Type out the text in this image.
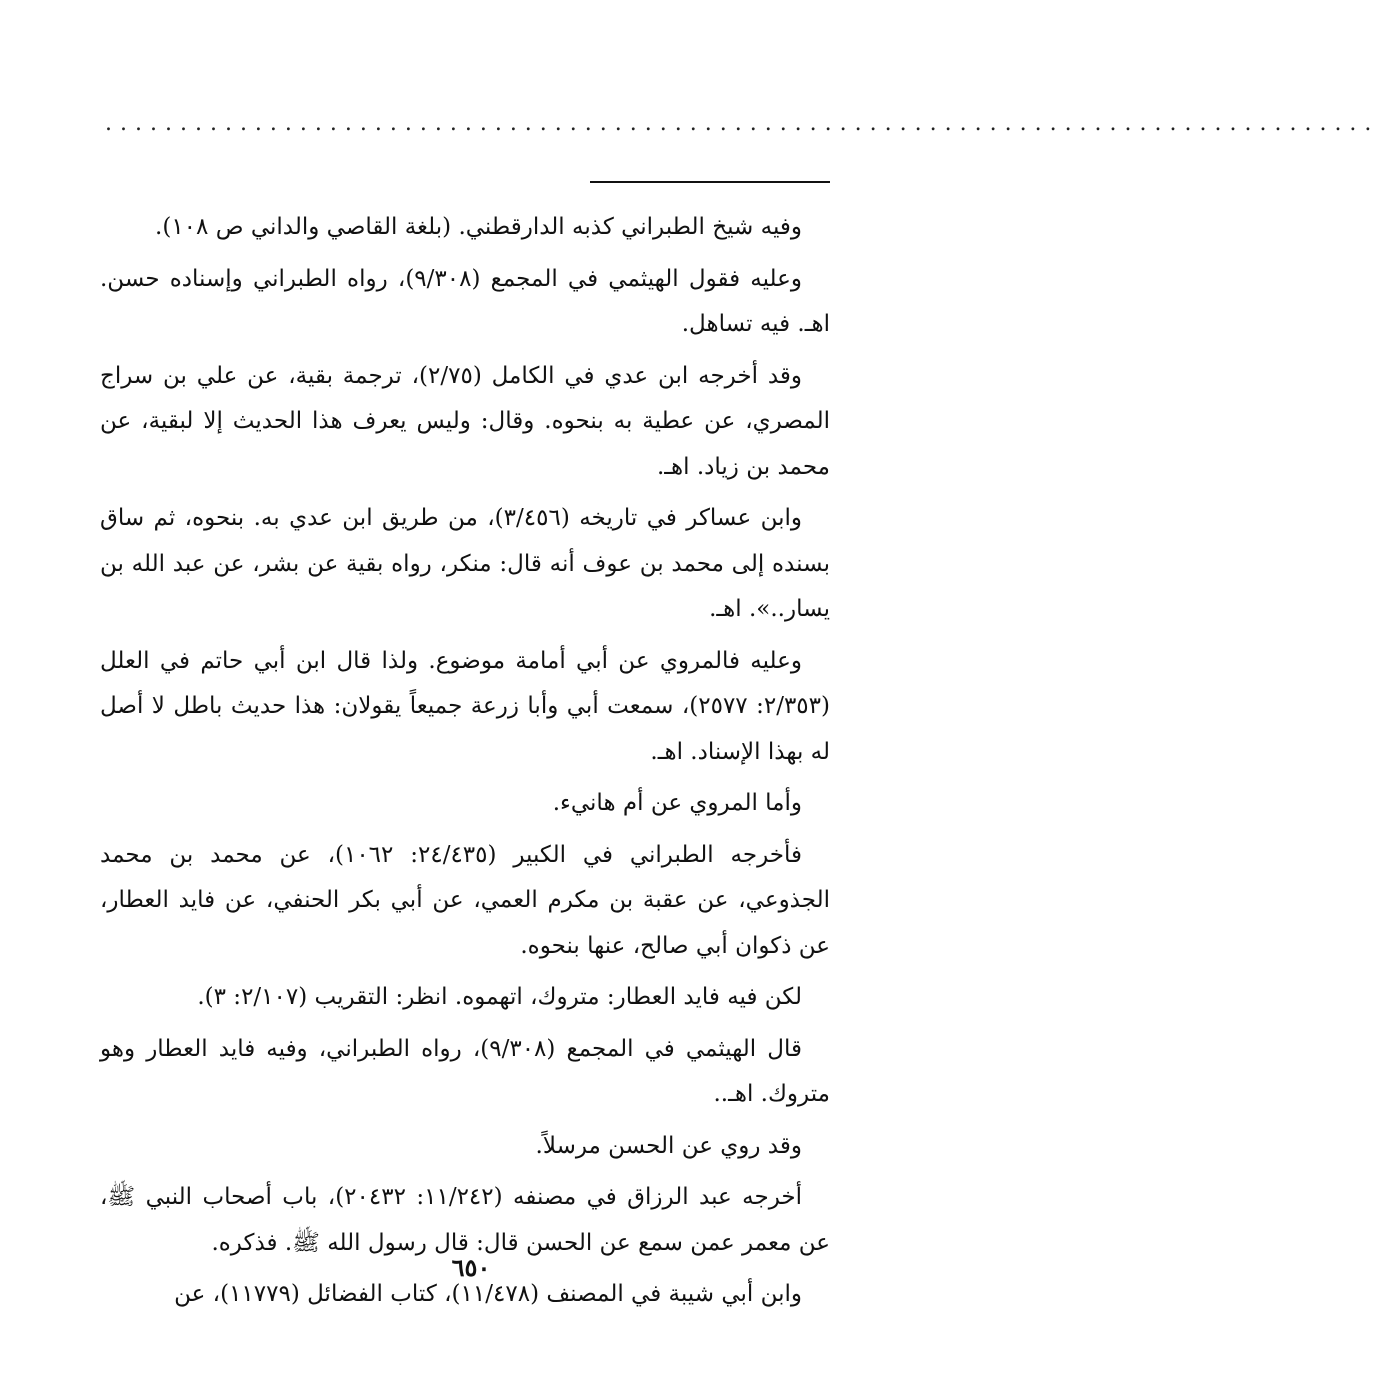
.....................................................................................

وفيه شيخ الطبراني كذبه الدارقطني. (بلغة القاصي والداني ص ١٠٨).

وعليه فقول الهيثمي في المجمع (٩/٣٠٨)، رواه الطبراني وإسناده حسن. اهـ. فيه تساهل.

وقد أخرجه ابن عدي في الكامل (٢/٧٥)، ترجمة بقية، عن علي بن سراج المصري، عن عطية به بنحوه. وقال: وليس يعرف هذا الحديث إلا لبقية، عن محمد بن زياد. اهـ.

وابن عساكر في تاريخه (٣/٤٥٦)، من طريق ابن عدي به. بنحوه، ثم ساق بسنده إلى محمد بن عوف أنه قال: منكر، رواه بقية عن بشر، عن عبد الله بن يسار..». اهـ.

وعليه فالمروي عن أبي أمامة موضوع. ولذا قال ابن أبي حاتم في العلل (٢/٣٥٣: ٢٥٧٧)، سمعت أبي وأبا زرعة جميعاً يقولان: هذا حديث باطل لا أصل له بهذا الإسناد. اهـ.

وأما المروي عن أم هانيء.

فأخرجه الطبراني في الكبير (٢٤/٤٣٥: ١٠٦٢)، عن محمد بن محمد الجذوعي، عن عقبة بن مكرم العمي، عن أبي بكر الحنفي، عن فايد العطار، عن ذكوان أبي صالح، عنها بنحوه.

لكن فيه فايد العطار: متروك، اتهموه. انظر: التقريب (٢/١٠٧: ٣).

قال الهيثمي في المجمع (٩/٣٠٨)، رواه الطبراني، وفيه فايد العطار وهو متروك. اهـ..

وقد روي عن الحسن مرسلاً.

أخرجه عبد الرزاق في مصنفه (١١/٢٤٢: ٢٠٤٣٢)، باب أصحاب النبي ﷺ، عن معمر عمن سمع عن الحسن قال: قال رسول الله ﷺ. فذكره.

وابن أبي شيبة في المصنف (١١/٤٧٨)، كتاب الفضائل (١١٧٧٩)، عن

٦٥٠
